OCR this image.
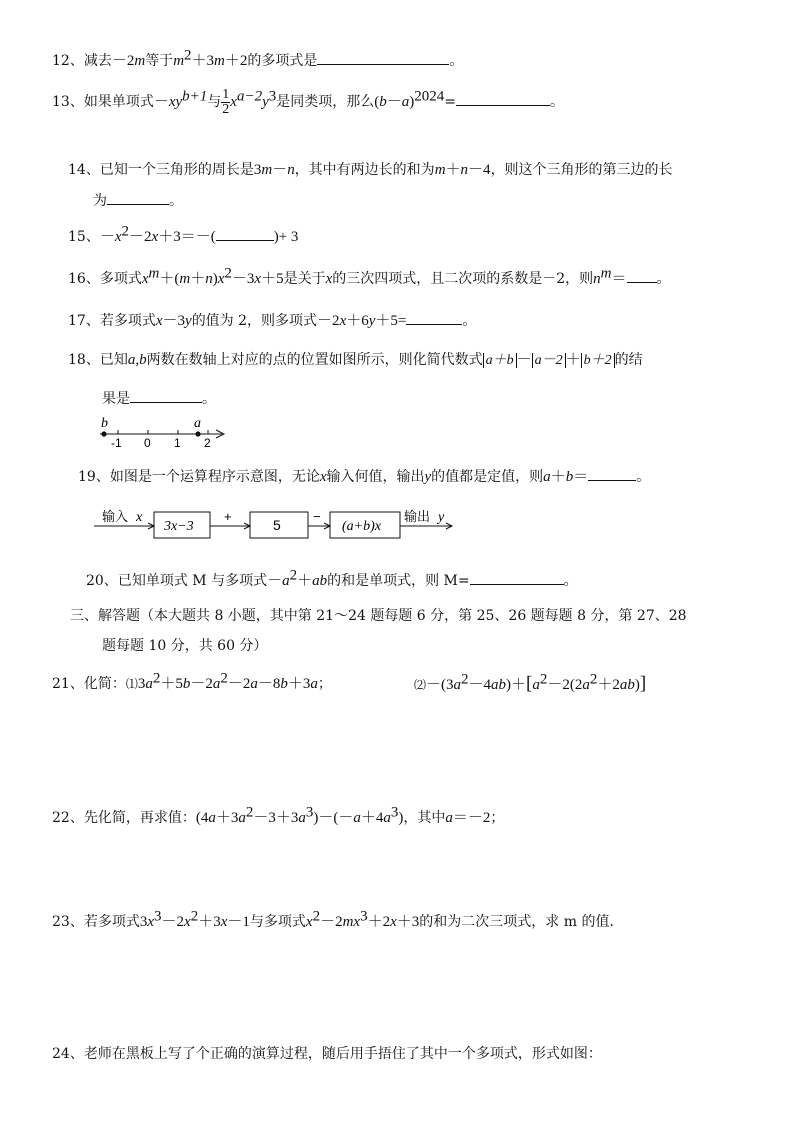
12、减去－2m等于$m^2+3m+2$的多项式是	。
13、如果单项式$-xy^{b+1}$与 $\frac{1}{2} x^{a-2}y^3$是同类项，那么$(b-a)^{2024}=$	。
14、已知一个三角形的周长是3m－n，其中有两边长的和为m＋n－4，则这个三角形的第三边的长
为	。
15、$-x^2-2x+3=-$(	)+ 3
16、多项式$x^m+(m+n)x^2-3x+5$是关于x的三次四项式，且二次项的系数是－2，则$n^m=$ 。
17、若多项式x－3y的值为 2，则多项式－2x＋6y＋5=	。
18、已知a,b两数在数轴上对应的点的位置如图所示，则化简代数式 a＋b － a－2 ＋ b＋2 的结
果是	。
b	a
-1 0 1 2
19、如图是一个运算程序示意图，无论x输入何值，输出y的值都是定值，则a＋b＝	。
输入 x
3x−3
+
5
−
(a+b)x
输出 y
20、已知单项式 M 与多项式$-a^2+ab$的和是单项式，则 M=	。
三、解答题（本大题共 8 小题，其中第 21～24 题每题 6 分，第 25、26 题每题 8 分，第 27、28
题每题 10 分，共 60 分）
21、化简：$⑴3a^2+5b-2a^2-2a-8b+3a$；	$⑵-(3a^2-4ab)+[a^2-2(2a^2+2ab)]$
22、先化简，再求值：$(4a+3a^2-3+3a^3)-(-a+4a^3)$，其中a＝－2；
23、若多项式$3x^3-2x^2+3x-1$与多项式$x^2-2mx^3+2x+3$的和为二次三项式，求 m 的值.
24、老师在黑板上写了个正确的演算过程，随后用手捂住了其中一个多项式，形式如图：
